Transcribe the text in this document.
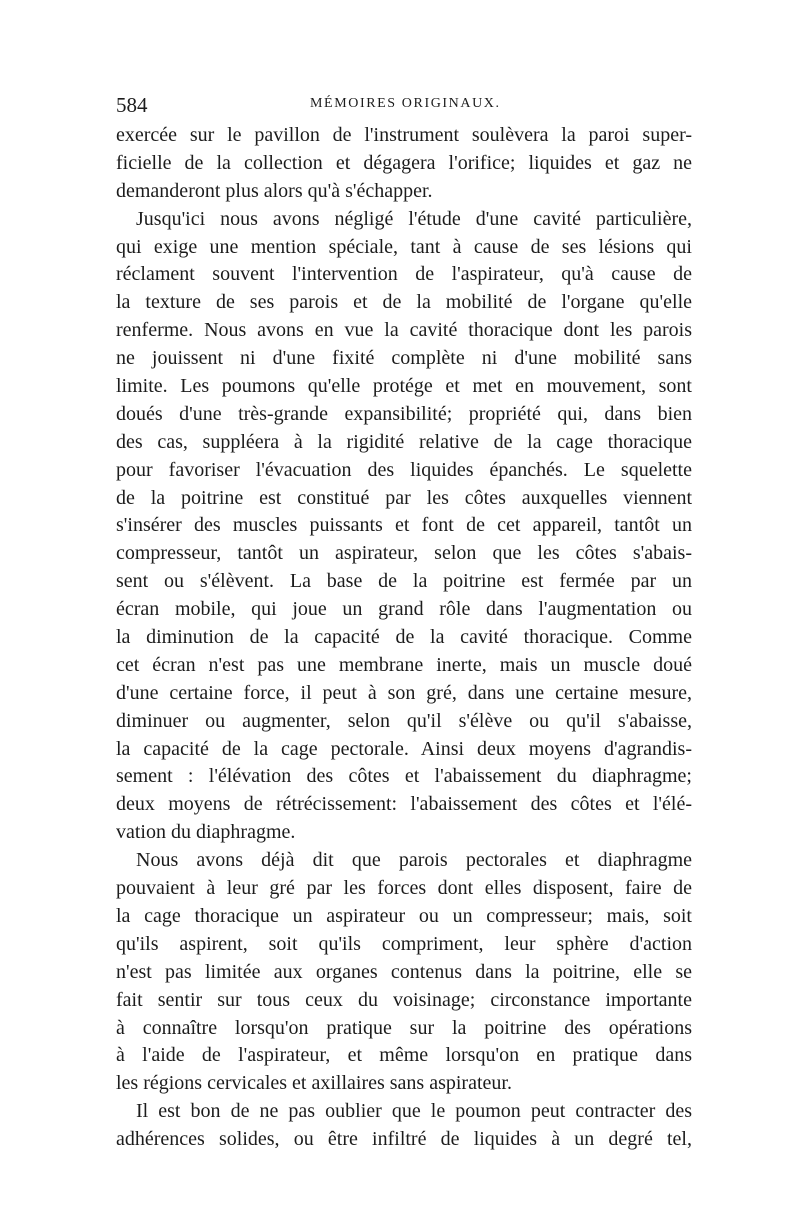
584	MÉMOIRES ORIGINAUX.
exercée sur le pavillon de l'instrument soulèvera la paroi super-
ficielle de la collection et dégagera l'orifice; liquides et gaz ne
demanderont plus alors qu'à s'échapper.
Jusqu'ici nous avons négligé l'étude d'une cavité particulière,
qui exige une mention spéciale, tant à cause de ses lésions qui
réclament souvent l'intervention de l'aspirateur, qu'à cause de
la texture de ses parois et de la mobilité de l'organe qu'elle
renferme. Nous avons en vue la cavité thoracique dont les parois
ne jouissent ni d'une fixité complète ni d'une mobilité sans
limite. Les poumons qu'elle protége et met en mouvement, sont
doués d'une très-grande expansibilité; propriété qui, dans bien
des cas, suppléera à la rigidité relative de la cage thoracique
pour favoriser l'évacuation des liquides épanchés. Le squelette
de la poitrine est constitué par les côtes auxquelles viennent
s'insérer des muscles puissants et font de cet appareil, tantôt un
compresseur, tantôt un aspirateur, selon que les côtes s'abais-
sent ou s'élèvent. La base de la poitrine est fermée par un
écran mobile, qui joue un grand rôle dans l'augmentation ou
la diminution de la capacité de la cavité thoracique. Comme
cet écran n'est pas une membrane inerte, mais un muscle doué
d'une certaine force, il peut à son gré, dans une certaine mesure,
diminuer ou augmenter, selon qu'il s'élève ou qu'il s'abaisse,
la capacité de la cage pectorale. Ainsi deux moyens d'agrandis-
sement : l'élévation des côtes et l'abaissement du diaphragme;
deux moyens de rétrécissement: l'abaissement des côtes et l'élé-
vation du diaphragme.
Nous avons déjà dit que parois pectorales et diaphragme
pouvaient à leur gré par les forces dont elles disposent, faire de
la cage thoracique un aspirateur ou un compresseur; mais, soit
qu'ils aspirent, soit qu'ils compriment, leur sphère d'action
n'est pas limitée aux organes contenus dans la poitrine, elle se
fait sentir sur tous ceux du voisinage; circonstance importante
à connaître lorsqu'on pratique sur la poitrine des opérations
à l'aide de l'aspirateur, et même lorsqu'on en pratique dans
les régions cervicales et axillaires sans aspirateur.
Il est bon de ne pas oublier que le poumon peut contracter des
adhérences solides, ou être infiltré de liquides à un degré tel,
